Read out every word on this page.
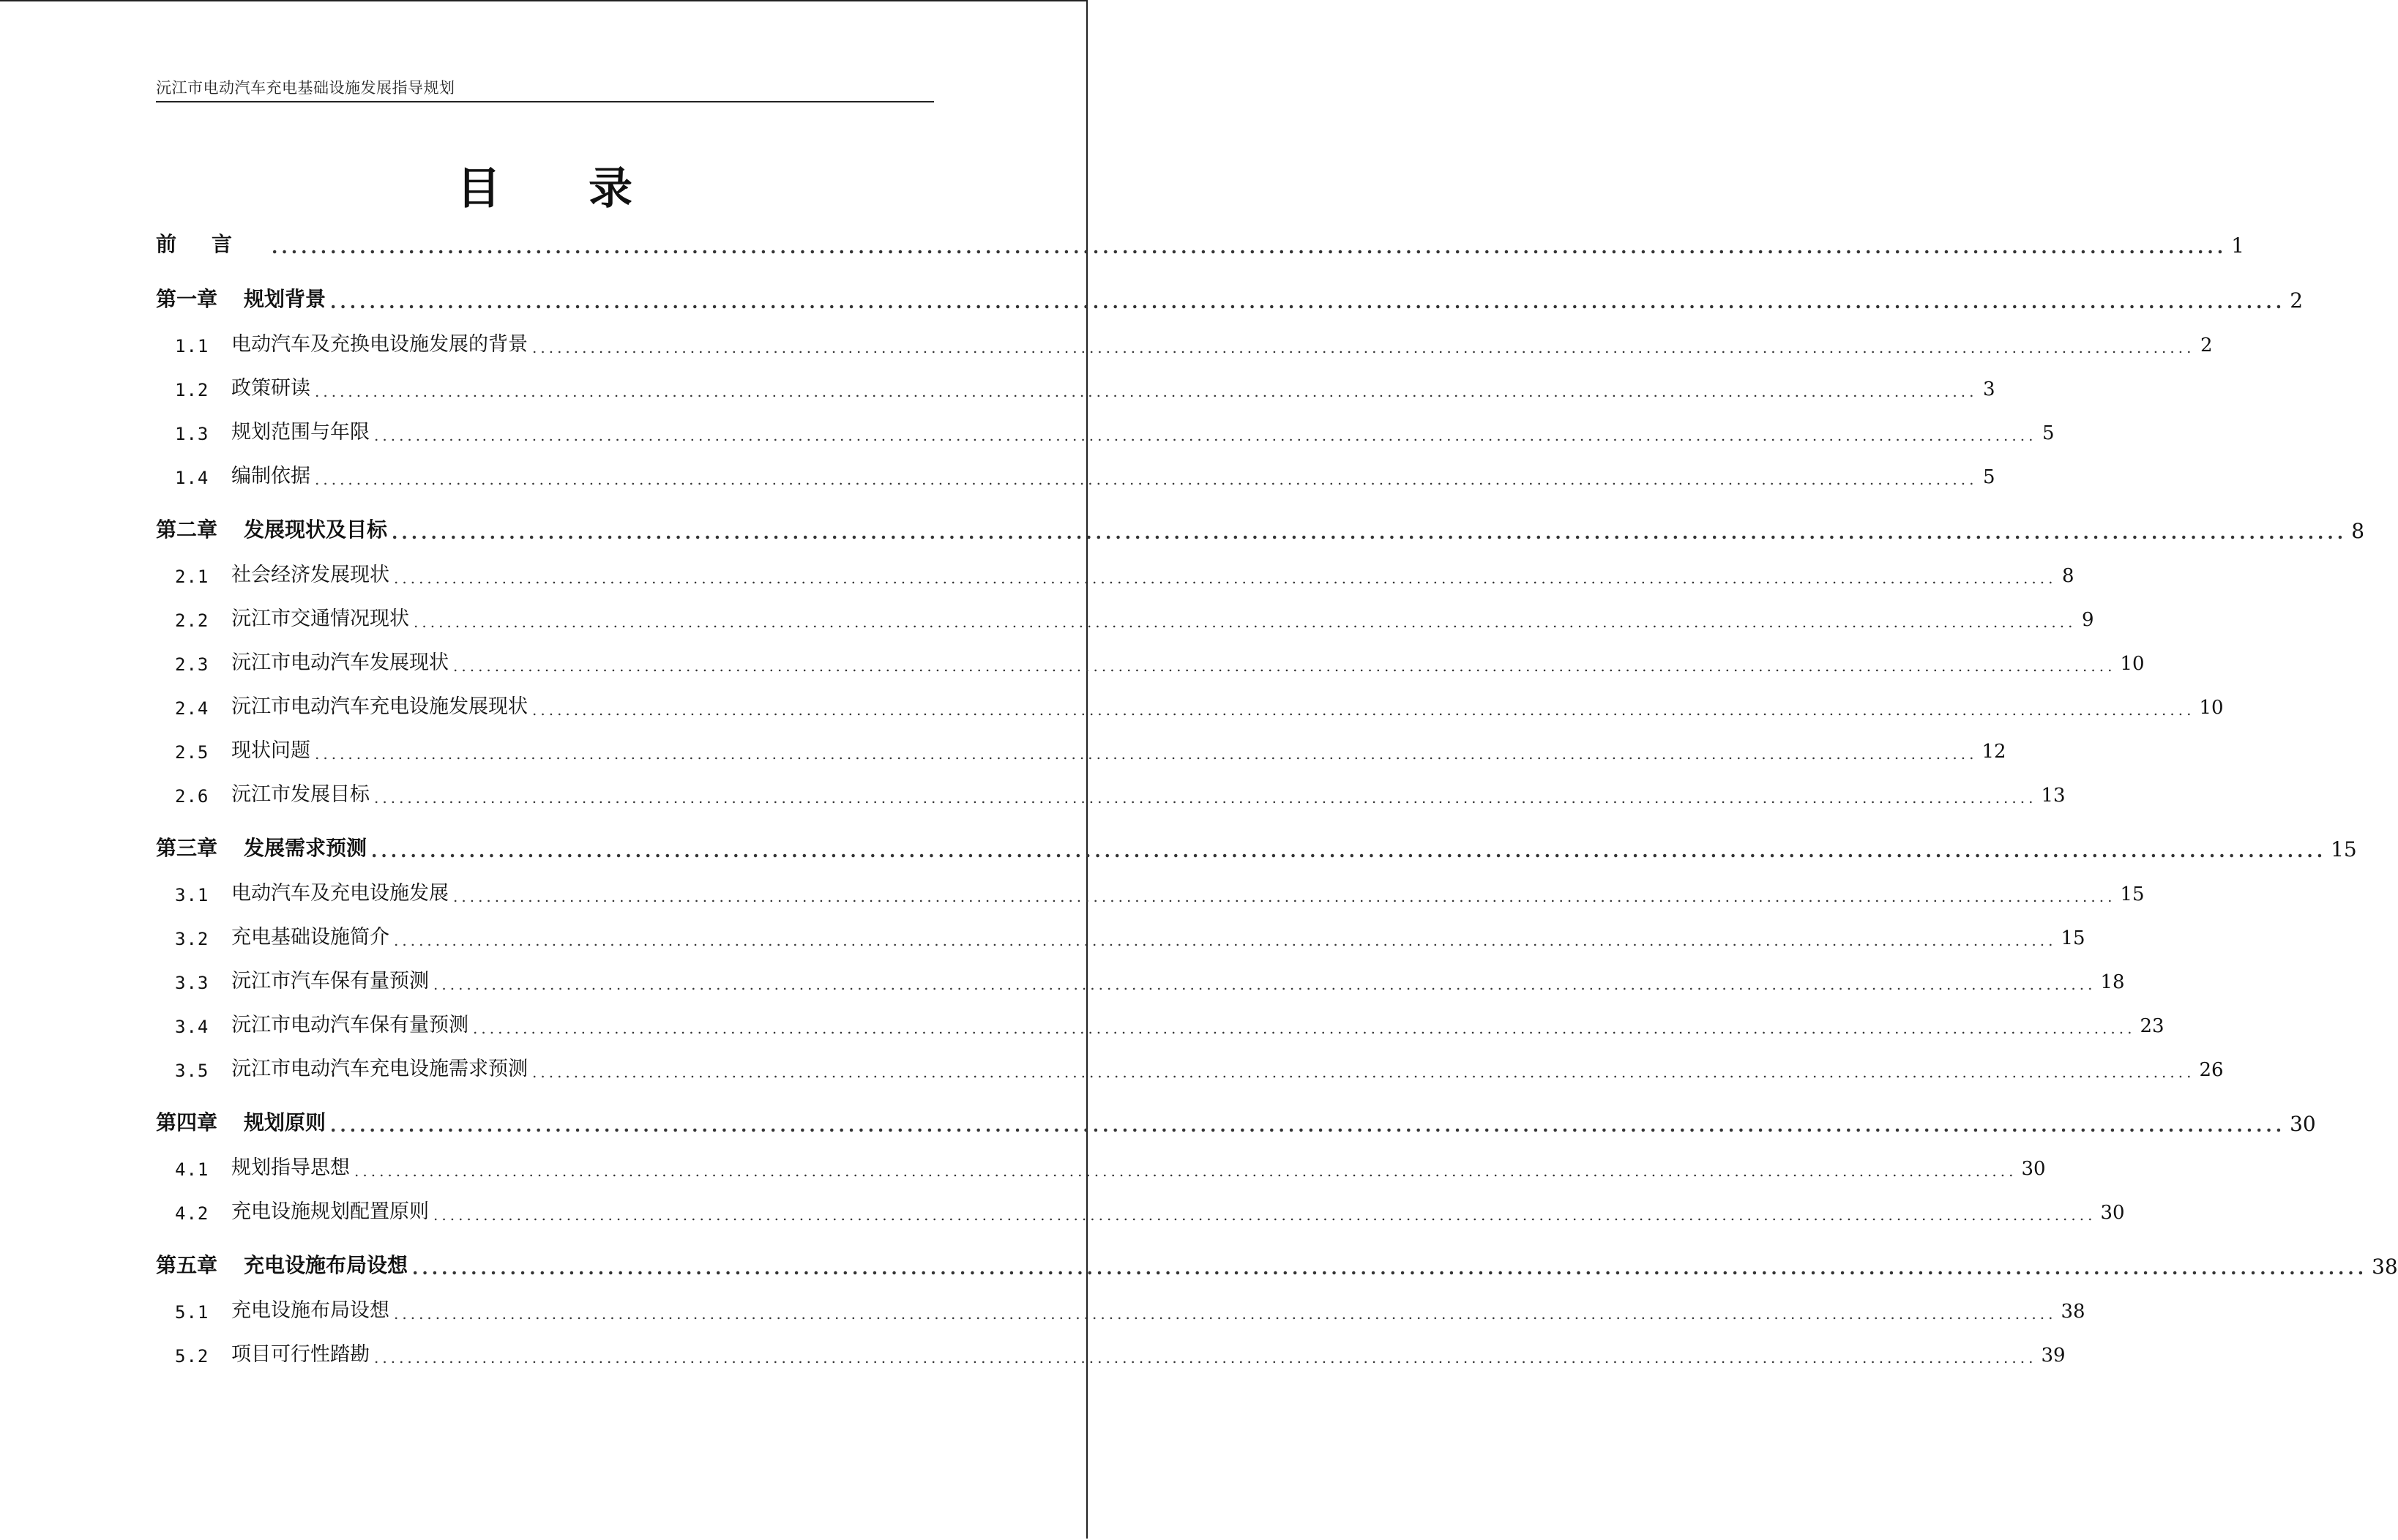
沅江市电动汽车充电基础设施发展指导规划
目录
前言 ........................................................................................................................................................................................................ 1
第一章	规划背景 ........................................................................................................................................................................................................ 2
1.1	电动汽车及充换电设施发展的背景 ........................................................................................................................................................................................................ 2
1.2	政策研读 ........................................................................................................................................................................................................ 3
1.3	规划范围与年限 ........................................................................................................................................................................................................ 5
1.4	编制依据 ........................................................................................................................................................................................................ 5
第二章	发展现状及目标 ........................................................................................................................................................................................................ 8
2.1	社会经济发展现状 ........................................................................................................................................................................................................ 8
2.2	沅江市交通情况现状 ........................................................................................................................................................................................................ 9
2.3	沅江市电动汽车发展现状 ........................................................................................................................................................................................................ 10
2.4	沅江市电动汽车充电设施发展现状 ........................................................................................................................................................................................................ 10
2.5	现状问题 ........................................................................................................................................................................................................ 12
2.6	沅江市发展目标 ........................................................................................................................................................................................................ 13
第三章	发展需求预测 ........................................................................................................................................................................................................ 15
3.1	电动汽车及充电设施发展 ........................................................................................................................................................................................................ 15
3.2	充电基础设施简介 ........................................................................................................................................................................................................ 15
3.3	沅江市汽车保有量预测 ........................................................................................................................................................................................................ 18
3.4	沅江市电动汽车保有量预测 ........................................................................................................................................................................................................ 23
3.5	沅江市电动汽车充电设施需求预测 ........................................................................................................................................................................................................ 26
第四章	规划原则 ........................................................................................................................................................................................................ 30
4.1	规划指导思想 ........................................................................................................................................................................................................ 30
4.2	充电设施规划配置原则 ........................................................................................................................................................................................................ 30
第五章	充电设施布局设想 ........................................................................................................................................................................................................ 38
5.1	充电设施布局设想 ........................................................................................................................................................................................................ 38
5.2	项目可行性踏勘 ........................................................................................................................................................................................................ 39
